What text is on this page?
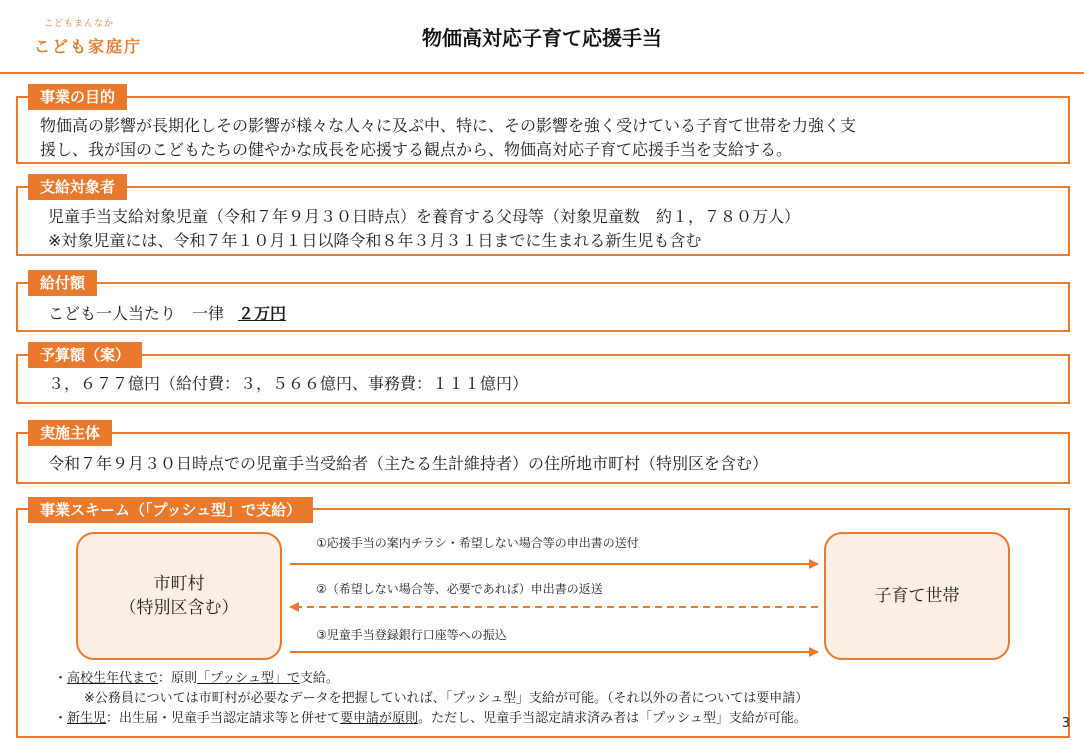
こどもまんなか
こども家庭庁	物価高対応子育て応援手当
事業の目的
物価高の影響が長期化しその影響が様々な人々に及ぶ中、特に、その影響を強く受けている子育て世帯を力強く支
援し、我が国のこどもたちの健やかな成長を応援する観点から、物価高対応子育て応援手当を支給する。
支給対象者
児童手当支給対象児童（令和７年９月３０日時点）を養育する父母等（対象児童数　約１，７８０万人）
※対象児童には、令和７年１０月１日以降令和８年３月３１日までに生まれる新生児も含む
給付額
こども一人当たり　一律 ２万円
予算額（案）
３，６７７億円（給付費：３，５６６億円、事務費：１１１億円）
実施主体
令和７年９月３０日時点での児童手当受給者（主たる生計維持者）の住所地市町村（特別区を含む）
事業スキーム（「プッシュ型」で支給）
市町村
（特別区含む）
子育て世帯
①応援手当の案内チラシ・希望しない場合等の申出書の送付
②（希望しない場合等、必要であれば）申出書の返送
③児童手当登録銀行口座等への振込
・高校生年代まで：原則「プッシュ型」で支給。
※公務員については市町村が必要なデータを把握していれば、「プッシュ型」支給が可能。（それ以外の者については要申請）
・新生児：出生届・児童手当認定請求等と併せて要申請が原則。ただし、児童手当認定請求済み者は「プッシュ型」支給が可能。	3
